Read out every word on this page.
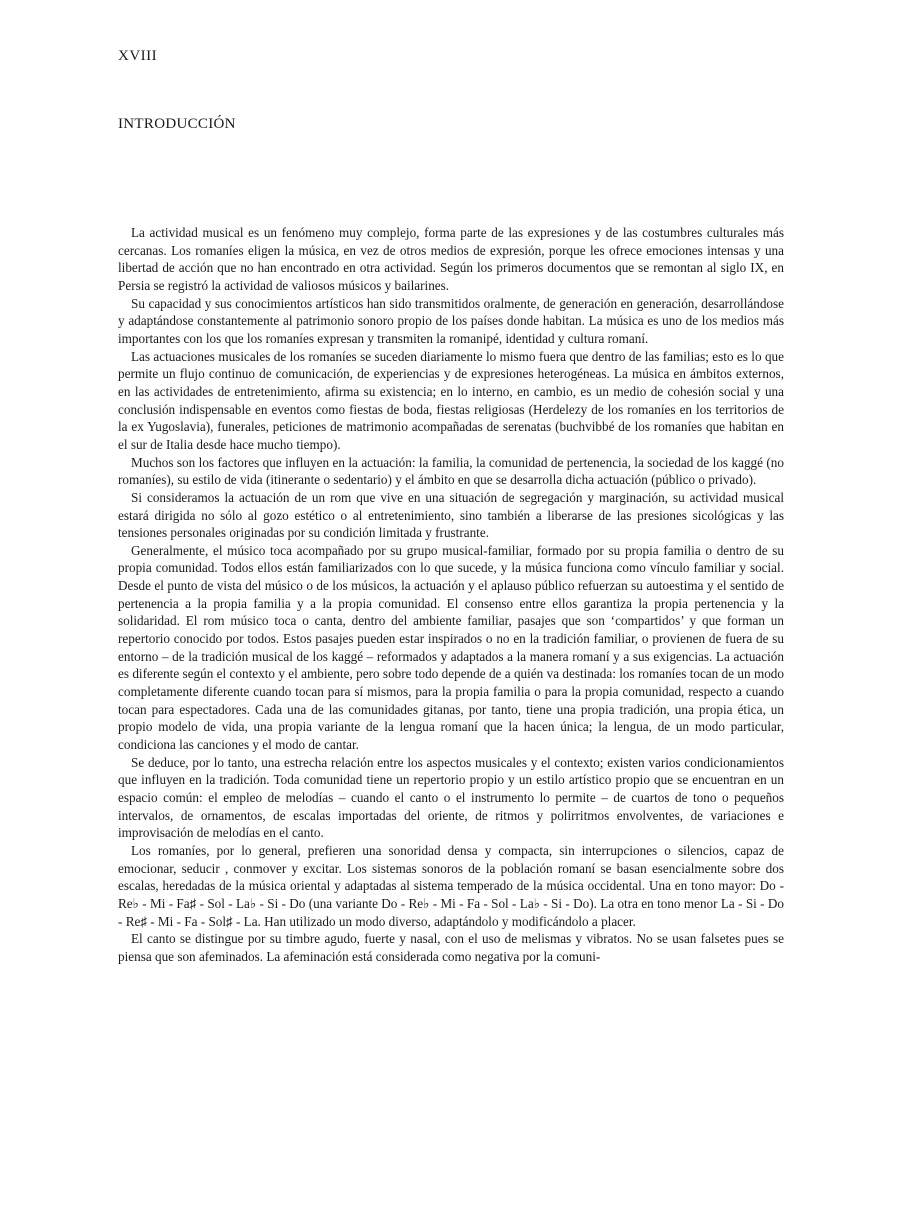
XVIII
INTRODUCCIÓN

La actividad musical es un fenómeno muy complejo, forma parte de las expresiones y de las costumbres culturales más cercanas. Los romaníes eligen la música, en vez de otros medios de expresión, porque les ofrece emociones intensas y una libertad de acción que no han encontrado en otra actividad. Según los primeros documentos que se remontan al siglo IX, en Persia se registró la actividad de valiosos músicos y bailarines.

Su capacidad y sus conocimientos artísticos han sido transmitidos oralmente, de generación en generación, desarrollándose y adaptándose constantemente al patrimonio sonoro propio de los países donde habitan. La música es uno de los medios más importantes con los que los romaníes expresan y transmiten la romanipé, identidad y cultura romaní.

Las actuaciones musicales de los romaníes se suceden diariamente lo mismo fuera que dentro de las familias; esto es lo que permite un flujo continuo de comunicación, de experiencias y de expresiones heterogéneas. La música en ámbitos externos, en las actividades de entretenimiento, afirma su existencia; en lo interno, en cambio, es un medio de cohesión social y una conclusión indispensable en eventos como fiestas de boda, fiestas religiosas (Herdelezy de los romaníes en los territorios de la ex Yugoslavia), funerales, peticiones de matrimonio acompañadas de serenatas (buchvibbé de los romaníes que habitan en el sur de Italia desde hace mucho tiempo).

Muchos son los factores que influyen en la actuación: la familia, la comunidad de pertenencia, la sociedad de los kaggé (no romaníes), su estilo de vida (itinerante o sedentario) y el ámbito en que se desarrolla dicha actuación (público o privado).

Si consideramos la actuación de un rom que vive en una situación de segregación y marginación, su actividad musical estará dirigida no sólo al gozo estético o al entretenimiento, sino también a liberarse de las presiones sicológicas y las tensiones personales originadas por su condición limitada y frustrante.

Generalmente, el músico toca acompañado por su grupo musical-familiar, formado por su propia familia o dentro de su propia comunidad. Todos ellos están familiarizados con lo que sucede, y la música funciona como vínculo familiar y social. Desde el punto de vista del músico o de los músicos, la actuación y el aplauso público refuerzan su autoestima y el sentido de pertenencia a la propia familia y a la propia comunidad. El consenso entre ellos garantiza la propia pertenencia y la solidaridad. El rom músico toca o canta, dentro del ambiente familiar, pasajes que son ‘compartidos’ y que forman un repertorio conocido por todos. Estos pasajes pueden estar inspirados o no en la tradición familiar, o provienen de fuera de su entorno – de la tradición musical de los kaggé – reformados y adaptados a la manera romaní y a sus exigencias. La actuación es diferente según el contexto y el ambiente, pero sobre todo depende de a quién va destinada: los romaníes tocan de un modo completamente diferente cuando tocan para sí mismos, para la propia familia o para la propia comunidad, respecto a cuando tocan para espectadores. Cada una de las comunidades gitanas, por tanto, tiene una propia tradición, una propia ética, un propio modelo de vida, una propia variante de la lengua romaní que la hacen única; la lengua, de un modo particular, condiciona las canciones y el modo de cantar.

Se deduce, por lo tanto, una estrecha relación entre los aspectos musicales y el contexto; existen varios condicionamientos que influyen en la tradición. Toda comunidad tiene un repertorio propio y un estilo artístico propio que se encuentran en un espacio común: el empleo de melodías – cuando el canto o el instrumento lo permite – de cuartos de tono o pequeños intervalos, de ornamentos, de escalas importadas del oriente, de ritmos y polirritmos envolventes, de variaciones e improvisación de melodías en el canto.

Los romaníes, por lo general, prefieren una sonoridad densa y compacta, sin interrupciones o silencios, capaz de emocionar, seducir , conmover y excitar. Los sistemas sonoros de la población romaní se basan esencialmente sobre dos escalas, heredadas de la música oriental y adaptadas al sistema temperado de la música occidental. Una en tono mayor: Do - Re♭ - Mi - Fa♯ - Sol - La♭ - Si - Do (una variante Do - Re♭ - Mi - Fa - Sol - La♭ - Si - Do). La otra en tono menor La - Si - Do - Re♯ - Mi - Fa - Sol♯ - La. Han utilizado un modo diverso, adaptándolo y modificándolo a placer.

El canto se distingue por su timbre agudo, fuerte y nasal, con el uso de melismas y vibratos. No se usan falsetes pues se piensa que son afeminados. La afeminación está considerada como negativa por la comuni-
